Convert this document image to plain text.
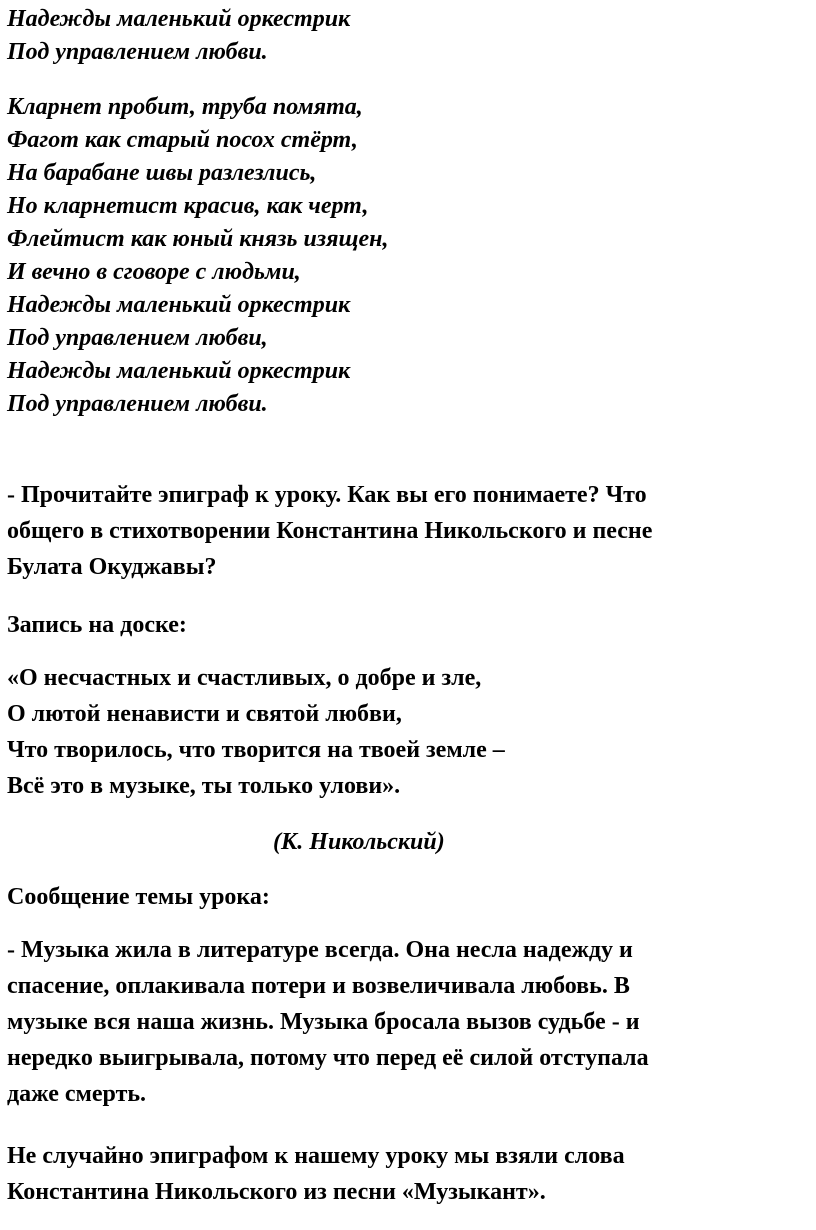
Надежды маленький оркестрик
Под управлением любви.
Кларнет пробит, труба помята,
Фагот как старый посох стёрт,
На барабане швы разлезлись,
Но кларнетист красив, как черт,
Флейтист как юный князь изящен,
И вечно в сговоре с людьми,
Надежды маленький оркестрик
Под управлением любви,
Надежды маленький оркестрик
Под управлением любви.
- Прочитайте эпиграф к уроку. Как вы его понимаете? Что
общего в стихотворении Константина Никольского и песне
Булата Окуджавы?
Запись на доске:
«О несчастных и счастливых, о добре и зле,
О лютой ненависти и святой любви,
Что творилось, что творится на твоей земле –
Всё это в музыке, ты только улови».
(К. Никольский)
Сообщение темы урока:
- Музыка жила в литературе всегда. Она несла надежду и
спасение, оплакивала потери и возвеличивала любовь. В
музыке вся наша жизнь. Музыка бросала вызов судьбе - и
нередко выигрывала, потому что перед её силой отступала
даже смерть.
Не случайно эпиграфом к нашему уроку мы взяли слова
Константина Никольского из песни «Музыкант».
